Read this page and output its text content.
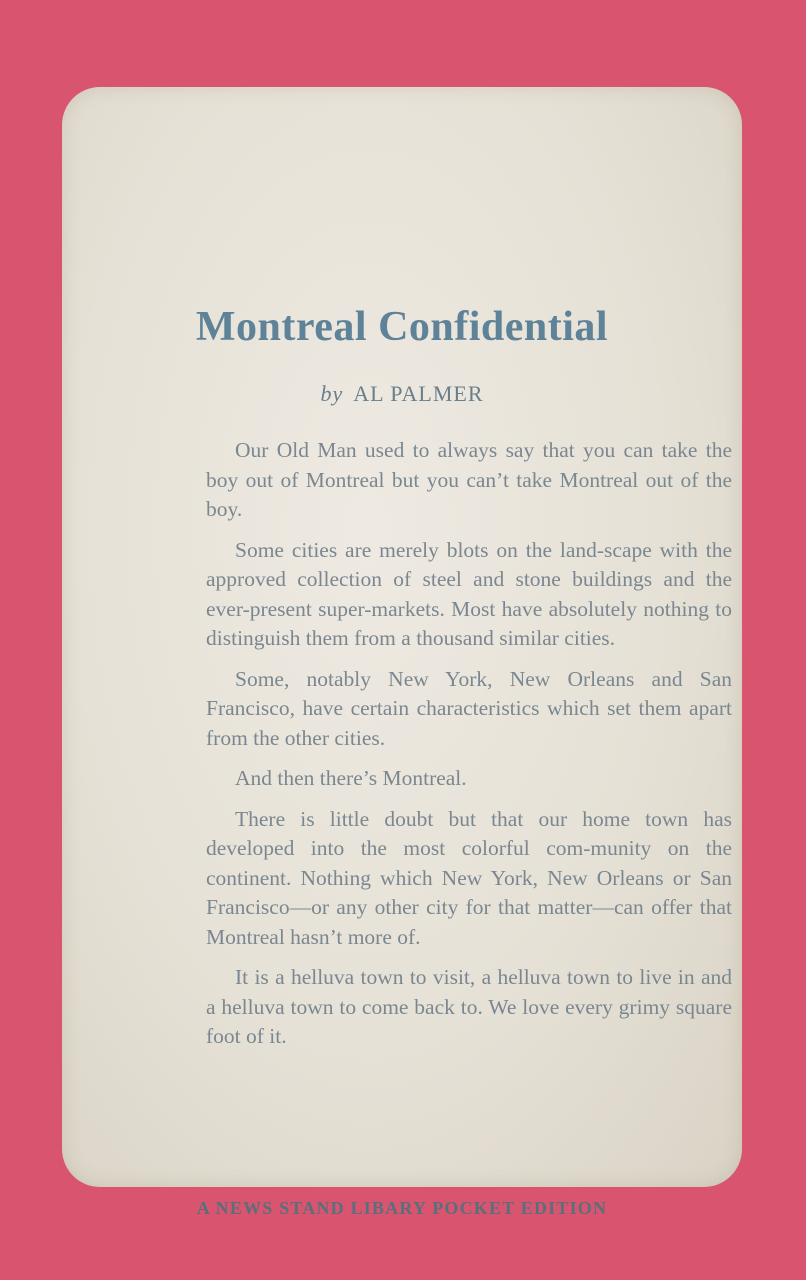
Montreal Confidential
by AL PALMER

Our Old Man used to always say that you can take the boy out of Montreal but you can’t take Montreal out of the boy.

Some cities are merely blots on the land-scape with the approved collection of steel and stone buildings and the ever-present super-markets. Most have absolutely nothing to distinguish them from a thousand similar cities.

Some, notably New York, New Orleans and San Francisco, have certain characteristics which set them apart from the other cities.

And then there’s Montreal.

There is little doubt but that our home town has developed into the most colorful com-munity on the continent. Nothing which New York, New Orleans or San Francisco—or any other city for that matter—can offer that Montreal hasn’t more of.

It is a helluva town to visit, a helluva town to live in and a helluva town to come back to. We love every grimy square foot of it.

A NEWS STAND LIBARY POCKET EDITION
